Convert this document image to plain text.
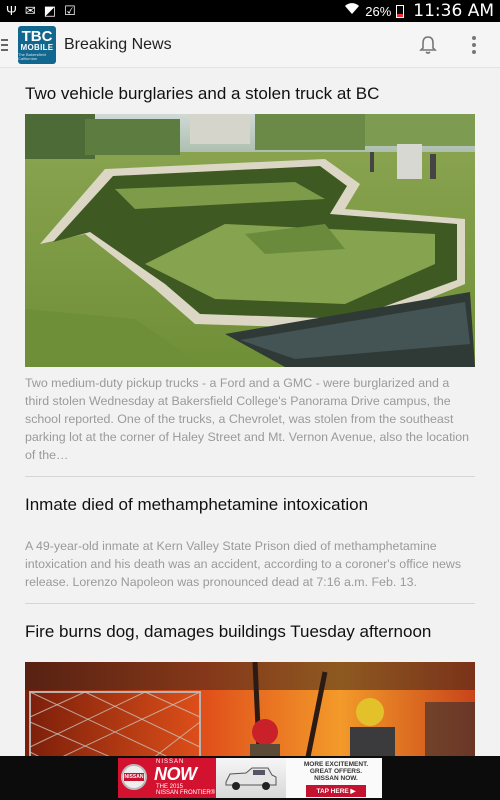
Ψ ✉ ◩ ☑	26% 11:36 AM
TBC
MOBILE
The Bakersfield Californian
Breaking News
Two vehicle burglaries and a stolen truck at BC
Two medium-duty pickup trucks - a Ford and a GMC - were burglarized and a third stolen Wednesday at Bakersfield College's Panorama Drive campus, the school reported. One of the trucks, a Chevrolet, was stolen from the southeast parking lot at the corner of Haley Street and Mt. Vernon Avenue, also the location of the…
Inmate died of methamphetamine intoxication
A 49-year-old inmate at Kern Valley State Prison died of methamphetamine intoxication and his death was an accident, according to a coroner's office news release. Lorenzo Napoleon was pronounced dead at 7:16 a.m. Feb. 13.
Fire burns dog, damages buildings Tuesday afternoon
NISSAN
NISSAN
NOW
THE 2015
NISSAN FRONTIER®
MORE EXCITEMENT.
GREAT OFFERS.
NISSAN NOW.
TAP HERE ▶
